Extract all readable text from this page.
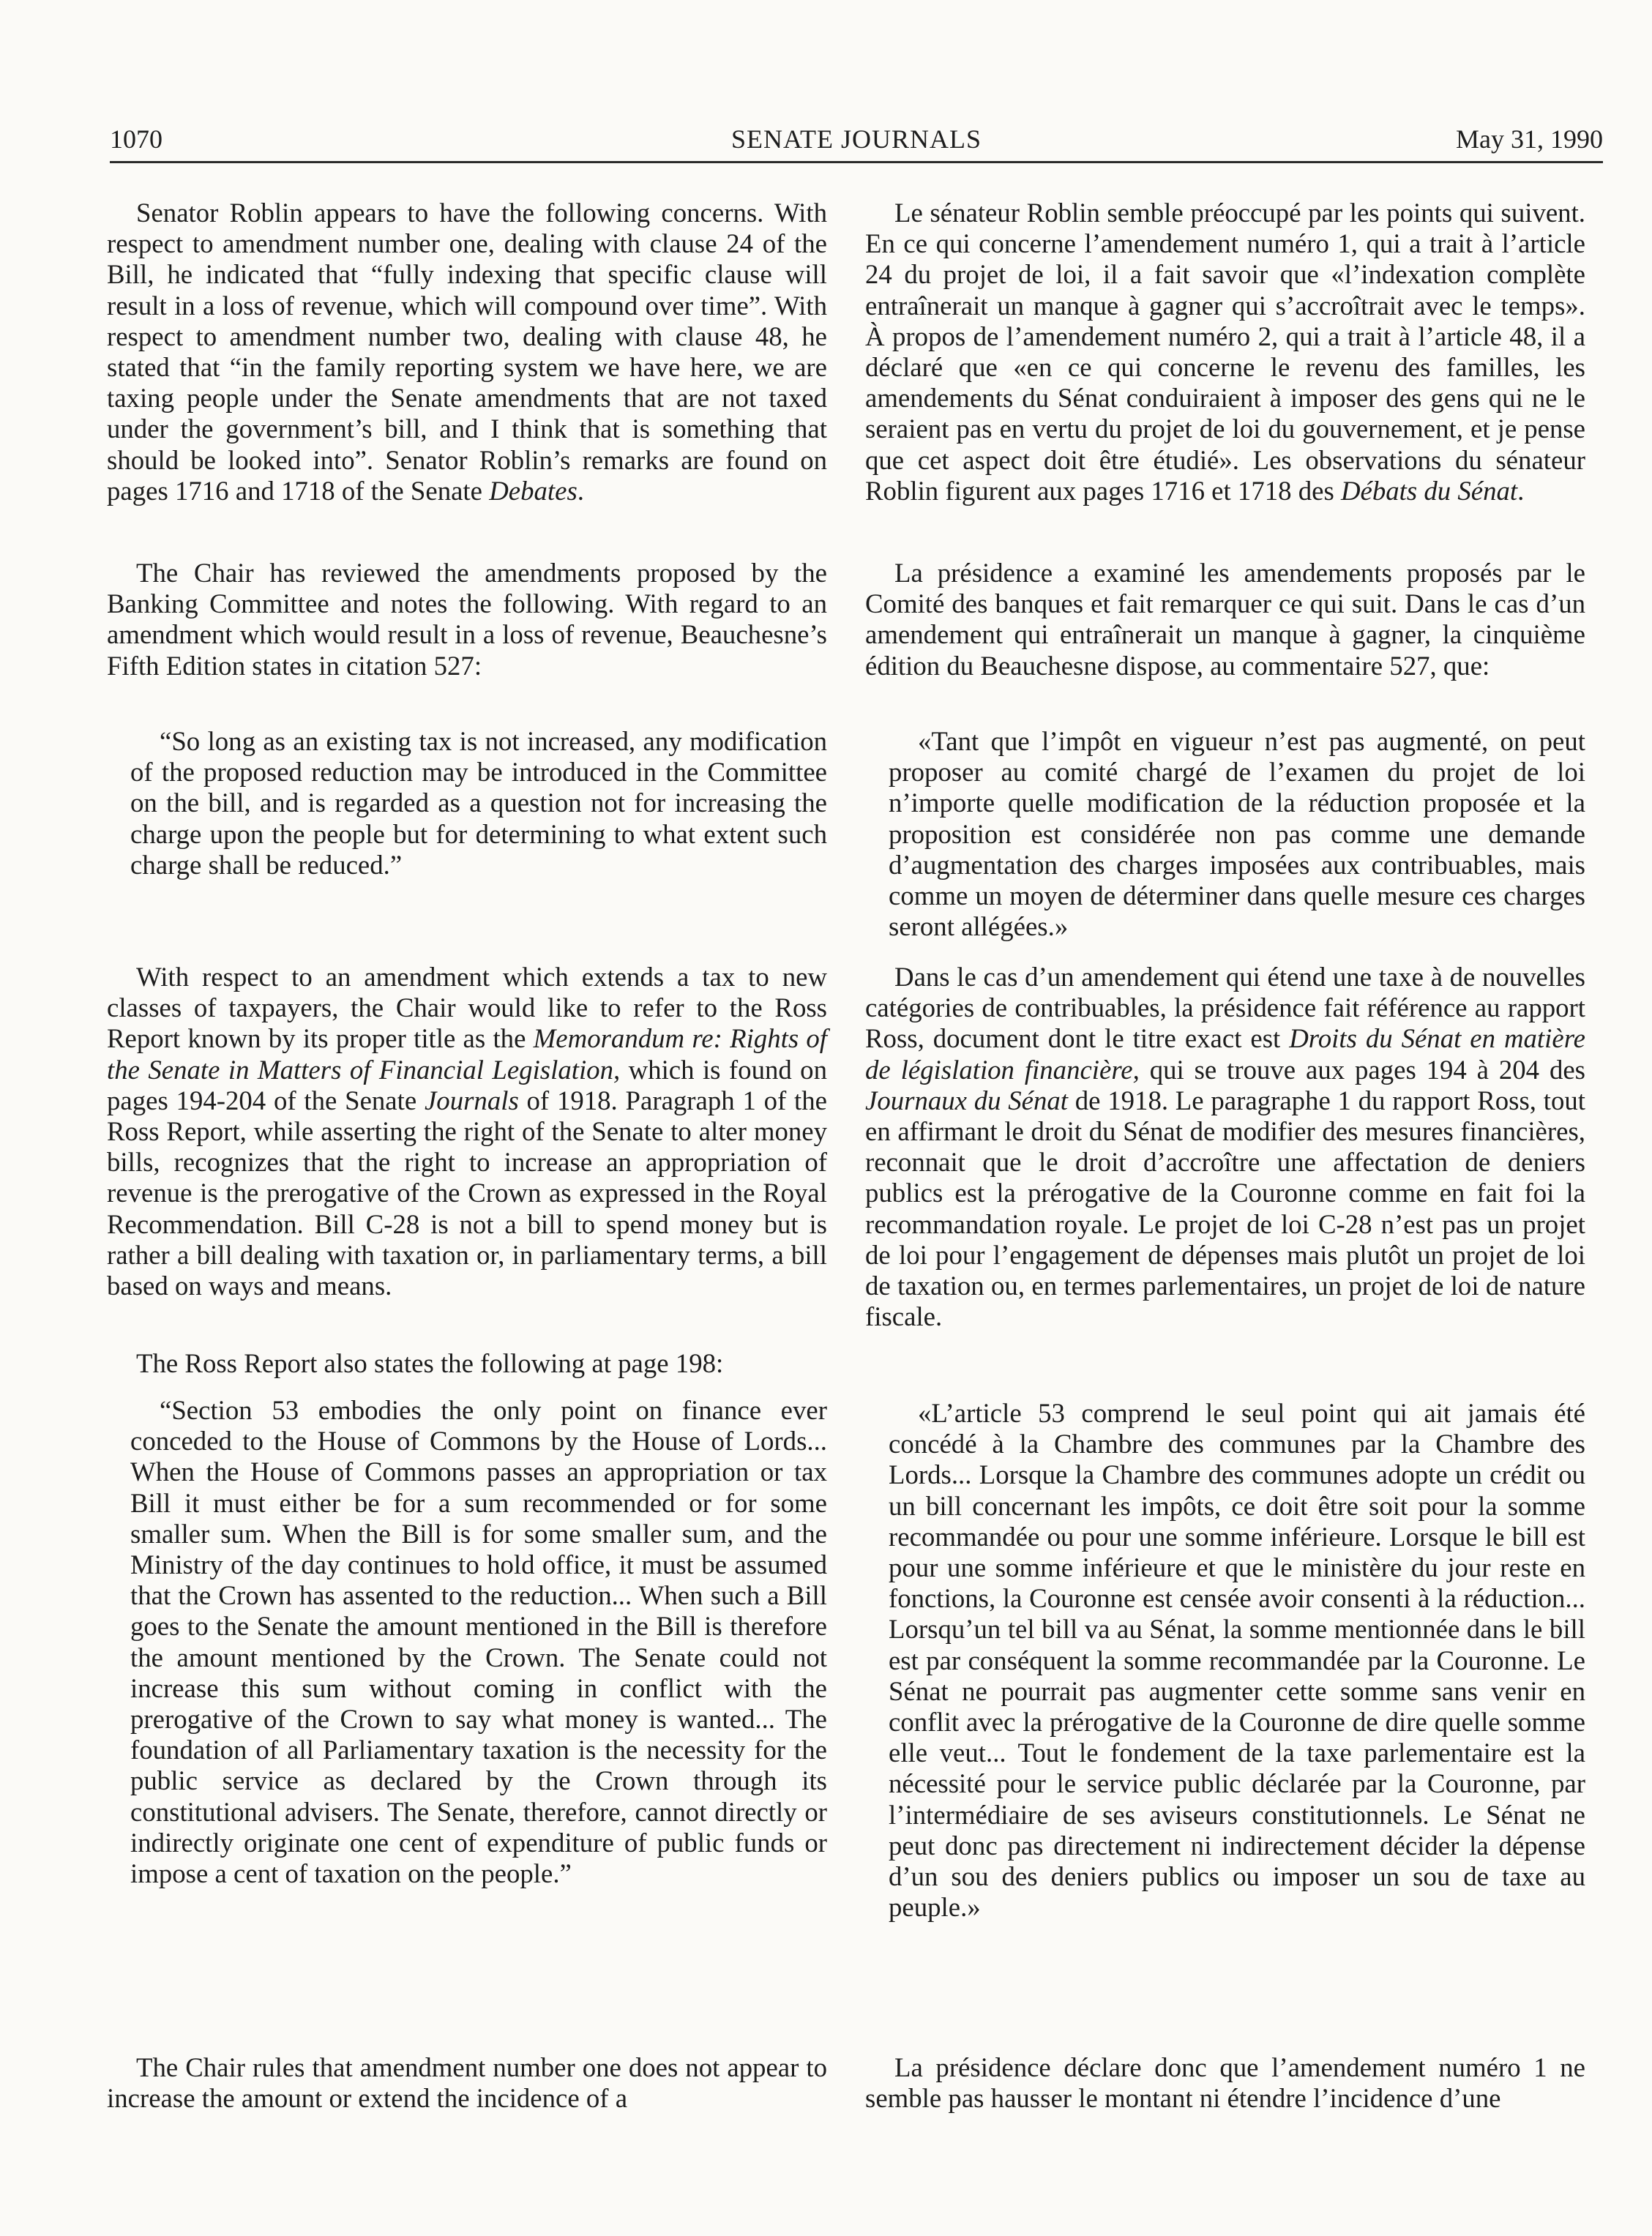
1070	SENATE JOURNALS	May 31, 1990

Senator Roblin appears to have the following concerns. With respect to amendment number one, dealing with clause 24 of the Bill, he indicated that “fully indexing that specific clause will result in a loss of revenue, which will compound over time”. With respect to amendment number two, dealing with clause 48, he stated that “in the family reporting system we have here, we are taxing people under the Senate amendments that are not taxed under the government’s bill, and I think that is something that should be looked into”. Senator Roblin’s remarks are found on pages 1716 and 1718 of the Senate Debates.

The Chair has reviewed the amendments proposed by the Banking Committee and notes the following. With regard to an amendment which would result in a loss of revenue, Beauchesne’s Fifth Edition states in citation 527:

“So long as an existing tax is not increased, any modification of the proposed reduction may be introduced in the Committee on the bill, and is regarded as a question not for increasing the charge upon the people but for determining to what extent such charge shall be reduced.”

With respect to an amendment which extends a tax to new classes of taxpayers, the Chair would like to refer to the Ross Report known by its proper title as the Memorandum re: Rights of the Senate in Matters of Financial Legislation, which is found on pages 194-204 of the Senate Journals of 1918. Paragraph 1 of the Ross Report, while asserting the right of the Senate to alter money bills, recognizes that the right to increase an appropriation of revenue is the prerogative of the Crown as expressed in the Royal Recommendation. Bill C-28 is not a bill to spend money but is rather a bill dealing with taxation or, in parliamentary terms, a bill based on ways and means.

The Ross Report also states the following at page 198:

“Section 53 embodies the only point on finance ever conceded to the House of Commons by the House of Lords... When the House of Commons passes an appropriation or tax Bill it must either be for a sum recommended or for some smaller sum. When the Bill is for some smaller sum, and the Ministry of the day continues to hold office, it must be assumed that the Crown has assented to the reduction... When such a Bill goes to the Senate the amount mentioned in the Bill is therefore the amount mentioned by the Crown. The Senate could not increase this sum without coming in conflict with the prerogative of the Crown to say what money is wanted... The foundation of all Parliamentary taxation is the necessity for the public service as declared by the Crown through its constitutional advisers. The Senate, therefore, cannot directly or indirectly originate one cent of expenditure of public funds or impose a cent of taxation on the people.”

The Chair rules that amendment number one does not appear to increase the amount or extend the incidence of a

Le sénateur Roblin semble préoccupé par les points qui suivent. En ce qui concerne l’amendement numéro 1, qui a trait à l’article 24 du projet de loi, il a fait savoir que «l’indexation complète entraînerait un manque à gagner qui s’accroîtrait avec le temps». À propos de l’amendement numéro 2, qui a trait à l’article 48, il a déclaré que «en ce qui concerne le revenu des familles, les amendements du Sénat conduiraient à imposer des gens qui ne le seraient pas en vertu du projet de loi du gouvernement, et je pense que cet aspect doit être étudié». Les observations du sénateur Roblin figurent aux pages 1716 et 1718 des Débats du Sénat.

La présidence a examiné les amendements proposés par le Comité des banques et fait remarquer ce qui suit. Dans le cas d’un amendement qui entraînerait un manque à gagner, la cinquième édition du Beauchesne dispose, au commentaire 527, que:

«Tant que l’impôt en vigueur n’est pas augmenté, on peut proposer au comité chargé de l’examen du projet de loi n’importe quelle modification de la réduction proposée et la proposition est considérée non pas comme une demande d’augmentation des charges imposées aux contribuables, mais comme un moyen de déterminer dans quelle mesure ces charges seront allégées.»

Dans le cas d’un amendement qui étend une taxe à de nouvelles catégories de contribuables, la présidence fait référence au rapport Ross, document dont le titre exact est Droits du Sénat en matière de législation financière, qui se trouve aux pages 194 à 204 des Journaux du Sénat de 1918. Le paragraphe 1 du rapport Ross, tout en affirmant le droit du Sénat de modifier des mesures financières, reconnait que le droit d’accroître une affectation de deniers publics est la prérogative de la Couronne comme en fait foi la recommandation royale. Le projet de loi C-28 n’est pas un projet de loi pour l’engagement de dépenses mais plutôt un projet de loi de taxation ou, en termes parlementaires, un projet de loi de nature fiscale.

«L’article 53 comprend le seul point qui ait jamais été concédé à la Chambre des communes par la Chambre des Lords... Lorsque la Chambre des communes adopte un crédit ou un bill concernant les impôts, ce doit être soit pour la somme recommandée ou pour une somme inférieure. Lorsque le bill est pour une somme inférieure et que le ministère du jour reste en fonctions, la Couronne est censée avoir consenti à la réduction... Lorsqu’un tel bill va au Sénat, la somme mentionnée dans le bill est par conséquent la somme recommandée par la Couronne. Le Sénat ne pourrait pas augmenter cette somme sans venir en conflit avec la prérogative de la Couronne de dire quelle somme elle veut... Tout le fondement de la taxe parlementaire est la nécessité pour le service public déclarée par la Couronne, par l’intermédiaire de ses aviseurs constitutionnels. Le Sénat ne peut donc pas directement ni indirectement décider la dépense d’un sou des deniers publics ou imposer un sou de taxe au peuple.»

La présidence déclare donc que l’amendement numéro 1 ne semble pas hausser le montant ni étendre l’incidence d’une
